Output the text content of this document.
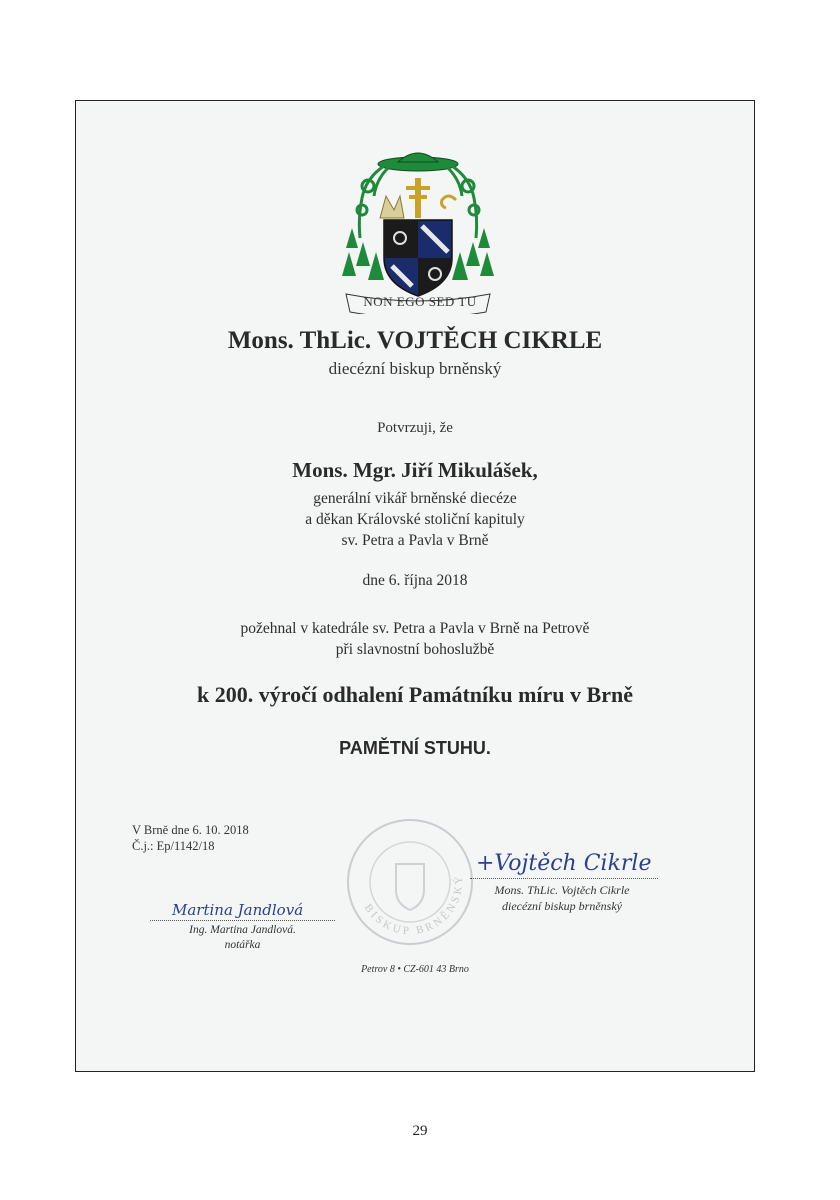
NON EGO SED TU
Mons. ThLic. VOJTĚCH CIKRLE
diecézní biskup brněnský
Potvrzuji, že
Mons. Mgr. Jiří Mikulášek,
generální vikář brněnské diecéze
a děkan Královské stoliční kapituly
sv. Petra a Pavla v Brně
dne 6. října 2018
požehnal v katedrále sv. Petra a Pavla v Brně na Petrově
při slavnostní bohoslužbě
k 200. výročí odhalení Památníku míru v Brně
PAMĚTNÍ STUHU.
V Brně dne 6. 10. 2018
Č.j.: Ep/1142/18
BISKUP BRNĚNSKÝ
+Vojtěch Cikrle
Mons. ThLic. Vojtěch Cikrle
diecézní biskup brněnský
Martina Jandlová
Ing. Martina Jandlová.
notářka
Petrov 8 • CZ-601 43 Brno
29
